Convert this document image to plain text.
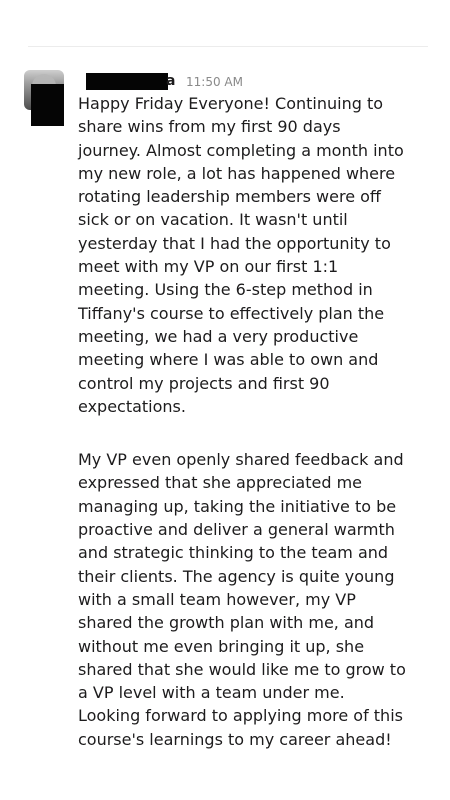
a 11:50 AM

Happy Friday Everyone! Continuing to share wins from my first 90 days journey. Almost completing a month into my new role, a lot has happened where rotating leadership members were off sick or on vacation. It wasn't until yesterday that I had the opportunity to meet with my VP on our first 1:1 meeting. Using the 6-step method in Tiffany's course to effectively plan the meeting, we had a very productive meeting where I was able to own and control my projects and first 90 expectations.

My VP even openly shared feedback and expressed that she appreciated me managing up, taking the initiative to be proactive and deliver a general warmth and strategic thinking to the team and their clients. The agency is quite young with a small team however, my VP shared the growth plan with me, and without me even bringing it up, she shared that she would like me to grow to a VP level with a team under me. Looking forward to applying more of this course's learnings to my career ahead!
